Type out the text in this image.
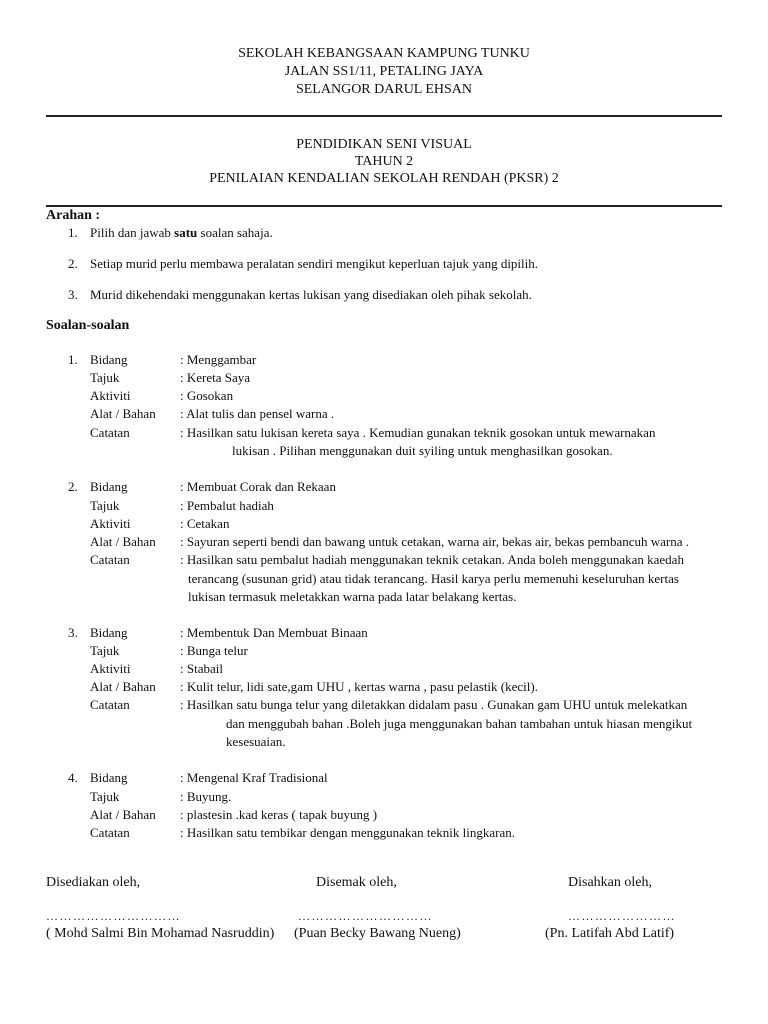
SEKOLAH KEBANGSAAN KAMPUNG TUNKU
JALAN SS1/11, PETALING JAYA
SELANGOR DARUL EHSAN
PENDIDIKAN SENI VISUAL
TAHUN 2
PENILAIAN KENDALIAN SEKOLAH RENDAH (PKSR) 2
Arahan :
1. Pilih dan jawab satu soalan sahaja.
2. Setiap murid perlu membawa peralatan sendiri mengikut keperluan tajuk yang dipilih.
3. Murid dikehendaki menggunakan kertas lukisan yang disediakan oleh pihak sekolah.
Soalan-soalan
1. Bidang	: Menggambar
Tajuk	: Kereta Saya
Aktiviti	: Gosokan
Alat / Bahan : Alat tulis dan pensel warna .
Catatan	: Hasilkan satu lukisan kereta saya . Kemudian gunakan teknik gosokan untuk mewarnakan
lukisan . Pilihan menggunakan duit syiling untuk menghasilkan gosokan.
2. Bidang	: Membuat Corak dan Rekaan
Tajuk	: Pembalut hadiah
Aktiviti	: Cetakan
Alat / Bahan : Sayuran seperti bendi dan bawang untuk cetakan, warna air, bekas air, bekas pembancuh warna .
Catatan	: Hasilkan satu pembalut hadiah menggunakan teknik cetakan. Anda boleh menggunakan kaedah
terancang (susunan grid) atau tidak terancang. Hasil karya perlu memenuhi keseluruhan kertas
lukisan termasuk meletakkan warna pada latar belakang kertas.
3. Bidang	: Membentuk Dan Membuat Binaan
Tajuk	: Bunga telur
Aktiviti	: Stabail
Alat / Bahan : Kulit telur, lidi sate,gam UHU , kertas warna , pasu pelastik (kecil).
Catatan	: Hasilkan satu bunga telur yang diletakkan didalam pasu . Gunakan gam UHU untuk melekatkan
dan menggubah bahan .Boleh juga menggunakan bahan tambahan untuk hiasan mengikut
kesesuaian.
4. Bidang	: Mengenal Kraf Tradisional
Tajuk	: Buyung.
Alat / Bahan : plastesin .kad keras ( tapak buyung )
Catatan	: Hasilkan satu tembikar dengan menggunakan teknik lingkaran.
Disediakan oleh,	Disemak oleh,	Disahkan oleh,
…………………………	…………………………	……………………
( Mohd Salmi Bin Mohamad Nasruddin) (Puan Becky Bawang Nueng)	(Pn. Latifah Abd Latif)
